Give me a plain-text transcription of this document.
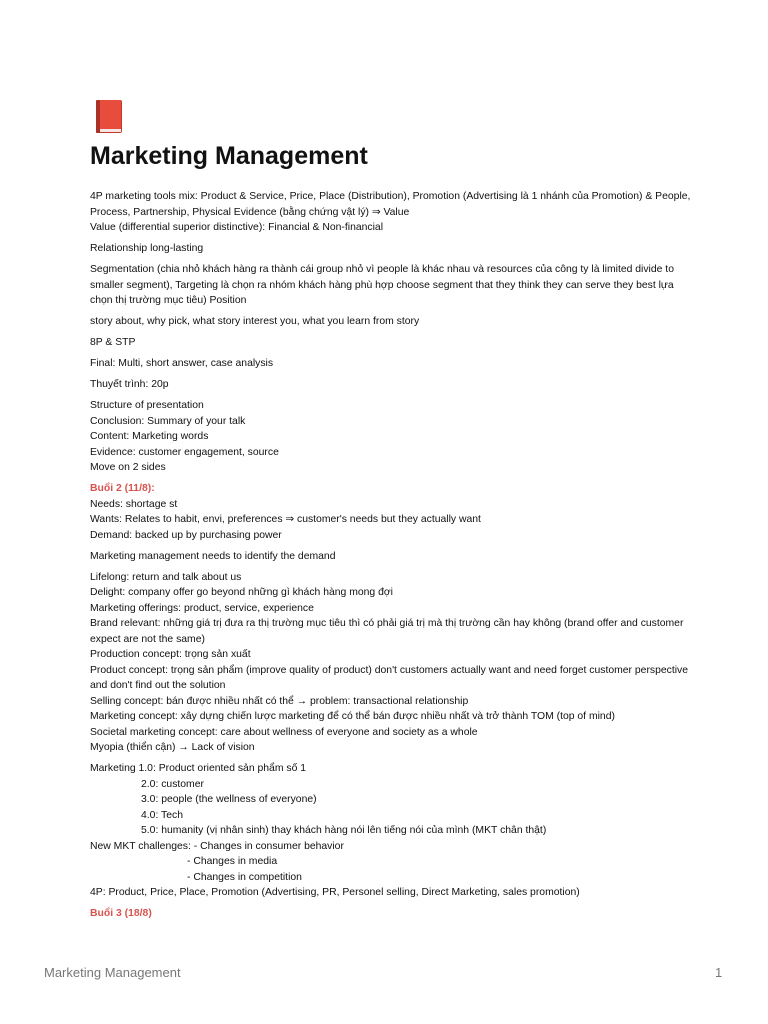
Marketing Management
4P marketing tools mix: Product & Service, Price, Place (Distribution), Promotion (Advertising là 1 nhánh của Promotion) & People,
Process, Partnership, Physical Evidence (bằng chứng vật lý) ⇒ Value
Value (differential superior distinctive): Financial & Non-financial
Relationship long-lasting
Segmentation (chia nhỏ khách hàng ra thành cái group nhỏ vì people là khác nhau và resources của công ty là limited divide to
smaller segment), Targeting là chọn ra nhóm khách hàng phù hợp choose segment that they think they can serve they best lựa
chọn thị trường mục tiêu) Position
story about, why pick, what story interest you, what you learn from story
8P & STP
Final: Multi, short answer, case analysis
Thuyết trình: 20p
Structure of presentation
Conclusion: Summary of your talk
Content: Marketing words
Evidence: customer engagement, source
Move on 2 sides
Buổi 2 (11/8):
Needs: shortage st
Wants: Relates to habit, envi, preferences ⇒ customer's needs but they actually want
Demand: backed up by purchasing power
Marketing management needs to identify the demand
Lifelong: return and talk about us
Delight: company offer go beyond những gì khách hàng mong đợi
Marketing offerings: product, service, experience
Brand relevant: những giá trị đưa ra thị trường mục tiêu thì có phải giá trị mà thị trường cần hay không (brand offer and customer
expect are not the same)
Production concept: trọng sản xuất
Product concept: trọng sản phẩm (improve quality of product) don't customers actually want and need forget customer perspective
and don't find out the solution
Selling concept: bán được nhiều nhất có thể → problem: transactional relationship
Marketing concept: xây dựng chiến lược marketing để có thể bán được nhiều nhất và trở thành TOM (top of mind)
Societal marketing concept: care about wellness of everyone and society as a whole
Myopia (thiển cận) → Lack of vision
Marketing 1.0: Product oriented sản phẩm số 1
2.0: customer
3.0: people (the wellness of everyone)
4.0: Tech
5.0: humanity (vị nhân sinh) thay khách hàng nói lên tiếng nói của mình (MKT chân thật)
New MKT challenges: - Changes in consumer behavior
- Changes in media
- Changes in competition
4P: Product, Price, Place, Promotion (Advertising, PR, Personel selling, Direct Marketing, sales promotion)
Buổi 3 (18/8)
Marketing Management	1
